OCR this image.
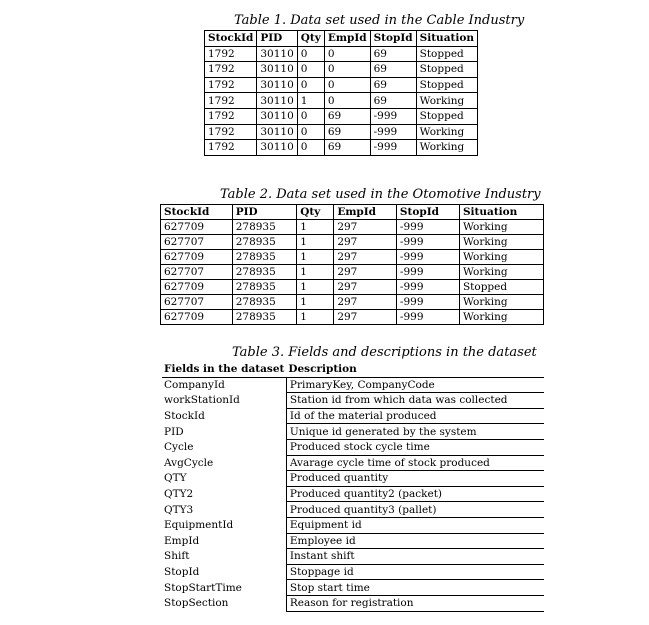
Table 1. Data set used in the Cable Industry
StockId	PID	Qty	EmpId	StopId	Situation
1792	30110	0	0	69	Stopped
1792	30110	0	0	69	Stopped
1792	30110	0	0	69	Stopped
1792	30110	1	0	69	Working
1792	30110	0	69	-999	Stopped
1792	30110	0	69	-999	Working
1792	30110	0	69	-999	Working
Table 2. Data set used in the Otomotive Industry
StockId	PID	Qty	EmpId	StopId	Situation
627709	278935	1	297	-999	Working
627707	278935	1	297	-999	Working
627709	278935	1	297	-999	Working
627707	278935	1	297	-999	Working
627709	278935	1	297	-999	Stopped
627707	278935	1	297	-999	Working
627709	278935	1	297	-999	Working
Table 3. Fields and descriptions in the dataset
Fields in the dataset	Description
CompanyId	PrimaryKey, CompanyCode
workStationId	Station id from which data was collected
StockId	Id of the material produced
PID	Unique id generated by the system
Cycle	Produced stock cycle time
AvgCycle	Avarage cycle time of stock produced
QTY	Produced quantity
QTY2	Produced quantity2 (packet)
QTY3	Produced quantity3 (pallet)
EquipmentId	Equipment id
EmpId	Employee id
Shift	Instant shift
StopId	Stoppage id
StopStartTime	Stop start time
StopSection	Reason for registration
